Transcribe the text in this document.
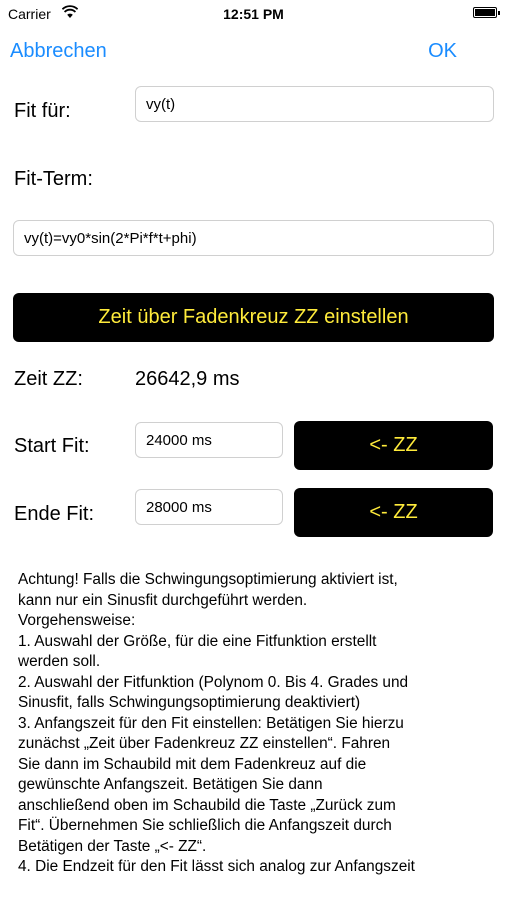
Carrier	12:51 PM
Abbrechen	OK
Fit für:	vy(t)
Fit-Term:
vy(t)=vy0*sin(2*Pi*f*t+phi)
Zeit über Fadenkreuz ZZ einstellen
Zeit ZZ:	26642,9 ms
Start Fit:	24000 ms	<- ZZ
Ende Fit:	28000 ms	<- ZZ
Achtung! Falls die Schwingungsoptimierung aktiviert ist,
kann nur ein Sinusfit durchgeführt werden.
Vorgehensweise:
1. Auswahl der Größe, für die eine Fitfunktion erstellt
werden soll.
2. Auswahl der Fitfunktion (Polynom 0. Bis 4. Grades und
Sinusfit, falls Schwingungsoptimierung deaktiviert)
3. Anfangszeit für den Fit einstellen: Betätigen Sie hierzu
zunächst „Zeit über Fadenkreuz ZZ einstellen“. Fahren
Sie dann im Schaubild mit dem Fadenkreuz auf die
gewünschte Anfangszeit. Betätigen Sie dann
anschließend oben im Schaubild die Taste „Zurück zum
Fit“. Übernehmen Sie schließlich die Anfangszeit durch
Betätigen der Taste „<- ZZ“.
4. Die Endzeit für den Fit lässt sich analog zur Anfangszeit
